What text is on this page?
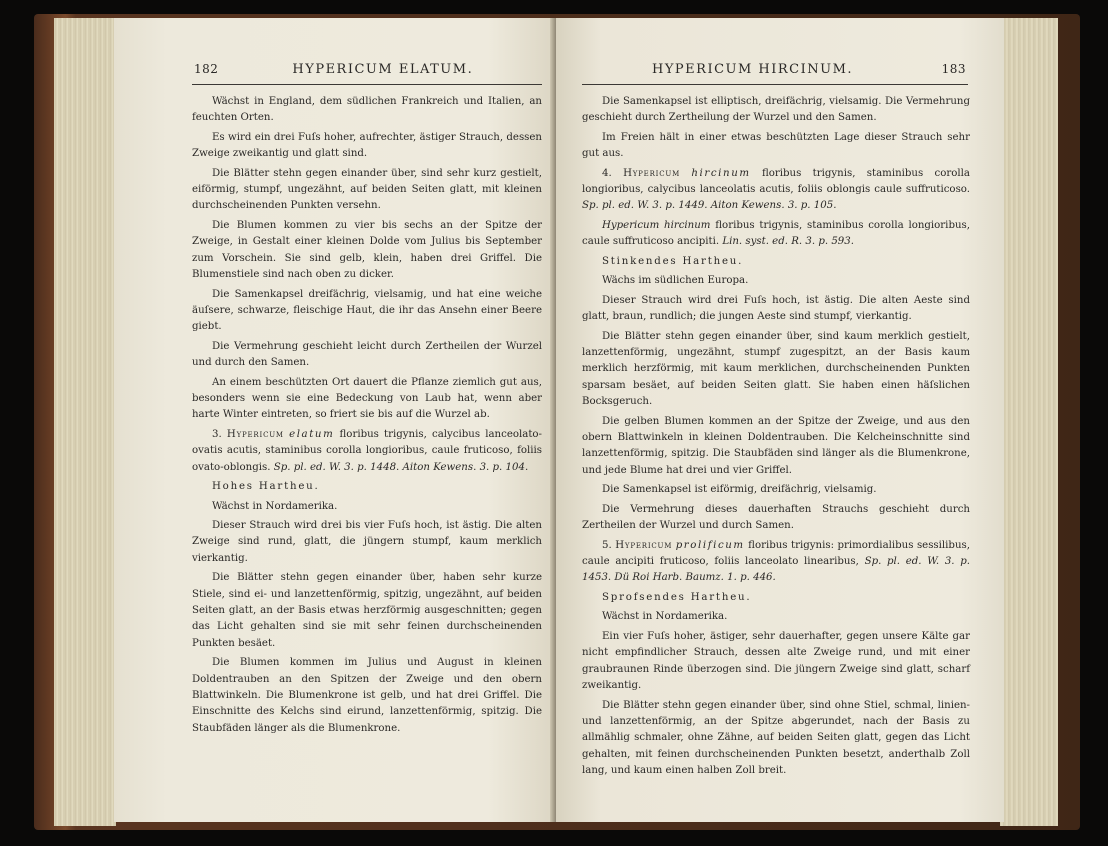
182	HYPERICUM ELATUM.

Wächst in England, dem südlichen Frankreich und Italien, an feuchten Orten.

Es wird ein drei Fuſs hoher, aufrechter, ästiger Strauch, dessen Zweige zweikantig und glatt sind.

Die Blätter stehn gegen einander über, sind sehr kurz gestielt, eiförmig, stumpf, ungezähnt, auf beiden Seiten glatt, mit kleinen durchscheinenden Punkten versehn.

Die Blumen kommen zu vier bis sechs an der Spitze der Zweige, in Gestalt einer kleinen Dolde vom Julius bis September zum Vorschein. Sie sind gelb, klein, haben drei Griffel. Die Blumenstiele sind nach oben zu dicker.

Die Samenkapsel dreifächrig, vielsamig, und hat eine weiche äuſsere, schwarze, fleischige Haut, die ihr das Ansehn einer Beere giebt.

Die Vermehrung geschieht leicht durch Zertheilen der Wurzel und durch den Samen.

An einem beschützten Ort dauert die Pflanze ziemlich gut aus, besonders wenn sie eine Bedeckung von Laub hat, wenn aber harte Winter eintreten, so friert sie bis auf die Wurzel ab.

3. Hypericum elatum floribus trigynis, calycibus lanceolato-ovatis acutis, staminibus corolla longioribus, caule fruticoso, foliis ovato-oblongis. Sp. pl. ed. W. 3. p. 1448. Aiton Kewens. 3. p. 104.

Hohes Hartheu.

Wächst in Nordamerika.

Dieser Strauch wird drei bis vier Fuſs hoch, ist ästig. Die alten Zweige sind rund, glatt, die jüngern stumpf, kaum merklich vierkantig.

Die Blätter stehn gegen einander über, haben sehr kurze Stiele, sind ei- und lanzettenförmig, spitzig, ungezähnt, auf beiden Seiten glatt, an der Basis etwas herzförmig ausgeschnitten; gegen das Licht gehalten sind sie mit sehr feinen durchscheinenden Punkten besäet.

Die Blumen kommen im Julius und August in kleinen Doldentrauben an den Spitzen der Zweige und den obern Blattwinkeln. Die Blumenkrone ist gelb, und hat drei Griffel. Die Einschnitte des Kelchs sind eirund, lanzettenförmig, spitzig. Die Staubfäden länger als die Blumenkrone.

HYPERICUM HIRCINUM.	183

Die Samenkapsel ist elliptisch, dreifächrig, vielsamig. Die Vermehrung geschieht durch Zertheilung der Wurzel und den Samen.

Im Freien hält in einer etwas beschützten Lage dieser Strauch sehr gut aus.

4. Hypericum hircinum floribus trigynis, staminibus corolla longioribus, calycibus lanceolatis acutis, foliis oblongis caule suffruticoso. Sp. pl. ed. W. 3. p. 1449. Aiton Kewens. 3. p. 105.

Hypericum hircinum floribus trigynis, staminibus corolla longioribus, caule suffruticoso ancipiti. Lin. syst. ed. R. 3. p. 593.

Stinkendes Hartheu.

Wächs im südlichen Europa.

Dieser Strauch wird drei Fuſs hoch, ist ästig. Die alten Aeste sind glatt, braun, rundlich; die jungen Aeste sind stumpf, vierkantig.

Die Blätter stehn gegen einander über, sind kaum merklich gestielt, lanzettenförmig, ungezähnt, stumpf zugespitzt, an der Basis kaum merklich herzförmig, mit kaum merklichen, durchscheinenden Punkten sparsam besäet, auf beiden Seiten glatt. Sie haben einen häſslichen Bocksgeruch.

Die gelben Blumen kommen an der Spitze der Zweige, und aus den obern Blattwinkeln in kleinen Doldentrauben. Die Kelcheinschnitte sind lanzettenförmig, spitzig. Die Staubfäden sind länger als die Blumenkrone, und jede Blume hat drei und vier Griffel.

Die Samenkapsel ist eiförmig, dreifächrig, vielsamig.

Die Vermehrung dieses dauerhaften Strauchs geschieht durch Zertheilen der Wurzel und durch Samen.

5. Hypericum prolificum floribus trigynis: primordialibus sessilibus, caule ancipiti fruticoso, foliis lanceolato linearibus, Sp. pl. ed. W. 3. p. 1453. Dü Roi Harb. Baumz. 1. p. 446.

Sprofsendes Hartheu.

Wächst in Nordamerika.

Ein vier Fuſs hoher, ästiger, sehr dauerhafter, gegen unsere Kälte gar nicht empfindlicher Strauch, dessen alte Zweige rund, und mit einer graubraunen Rinde überzogen sind. Die jüngern Zweige sind glatt, scharf zweikantig.

Die Blätter stehn gegen einander über, sind ohne Stiel, schmal, linien- und lanzettenförmig, an der Spitze abgerundet, nach der Basis zu allmählig schmaler, ohne Zähne, auf beiden Seiten glatt, gegen das Licht gehalten, mit feinen durchscheinenden Punkten besetzt, anderthalb Zoll lang, und kaum einen halben Zoll breit.
